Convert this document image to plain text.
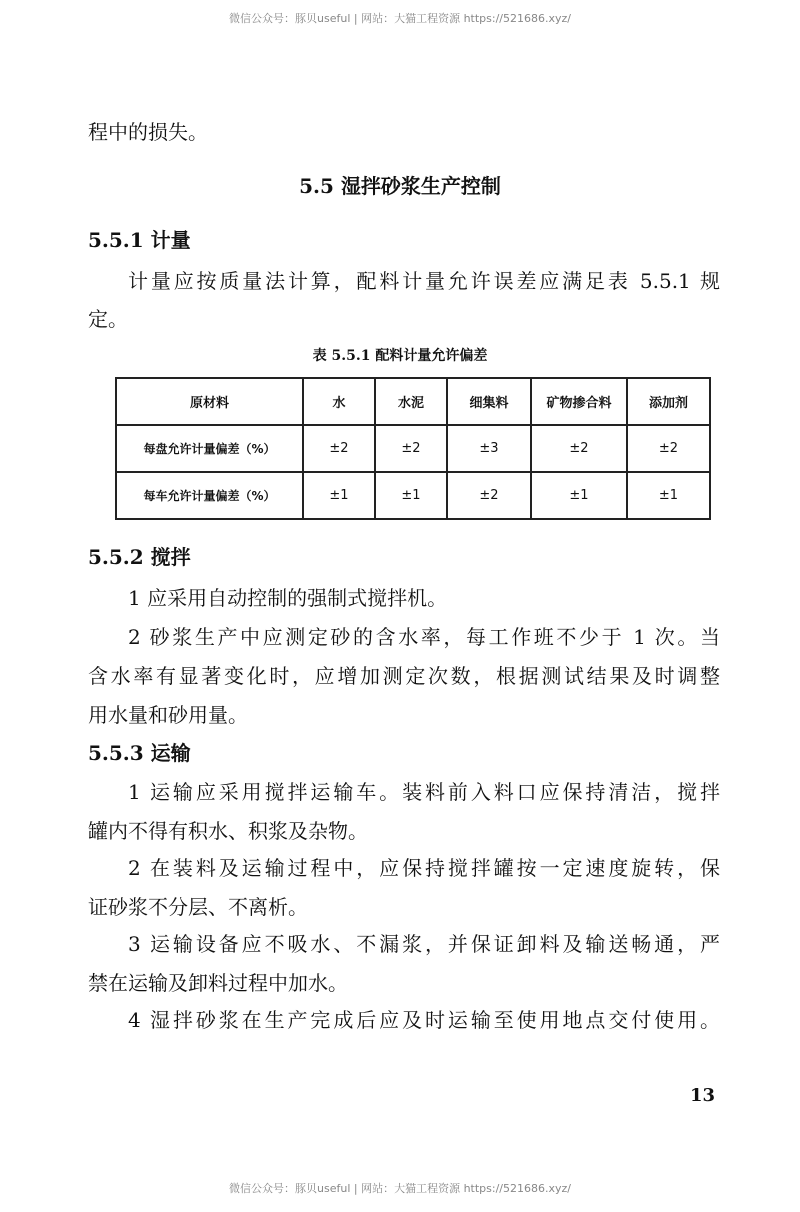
微信公众号：豚贝useful | 网站：大猫工程资源 https://521686.xyz/
程中的损失。
5.5 湿拌砂浆生产控制
5.5.1 计量
计量应按质量法计算，配料计量允许误差应满足表 5.5.1 规
定。
表 5.5.1 配料计量允许偏差
原材料	水	水泥	细集料	矿物掺合料	添加剂
每盘允许计量偏差（%）	±2	±2	±3	±2	±2
每车允许计量偏差（%）	±1	±1	±2	±1	±1
5.5.2 搅拌
1 应采用自动控制的强制式搅拌机。
2 砂浆生产中应测定砂的含水率，每工作班不少于 1 次。当
含水率有显著变化时，应增加测定次数，根据测试结果及时调整
用水量和砂用量。
5.5.3 运输
1 运输应采用搅拌运输车。装料前入料口应保持清洁，搅拌
罐内不得有积水、积浆及杂物。
2 在装料及运输过程中，应保持搅拌罐按一定速度旋转，保
证砂浆不分层、不离析。
3 运输设备应不吸水、不漏浆，并保证卸料及输送畅通，严
禁在运输及卸料过程中加水。
4 湿拌砂浆在生产完成后应及时运输至使用地点交付使用。
13
微信公众号：豚贝useful | 网站：大猫工程资源 https://521686.xyz/
